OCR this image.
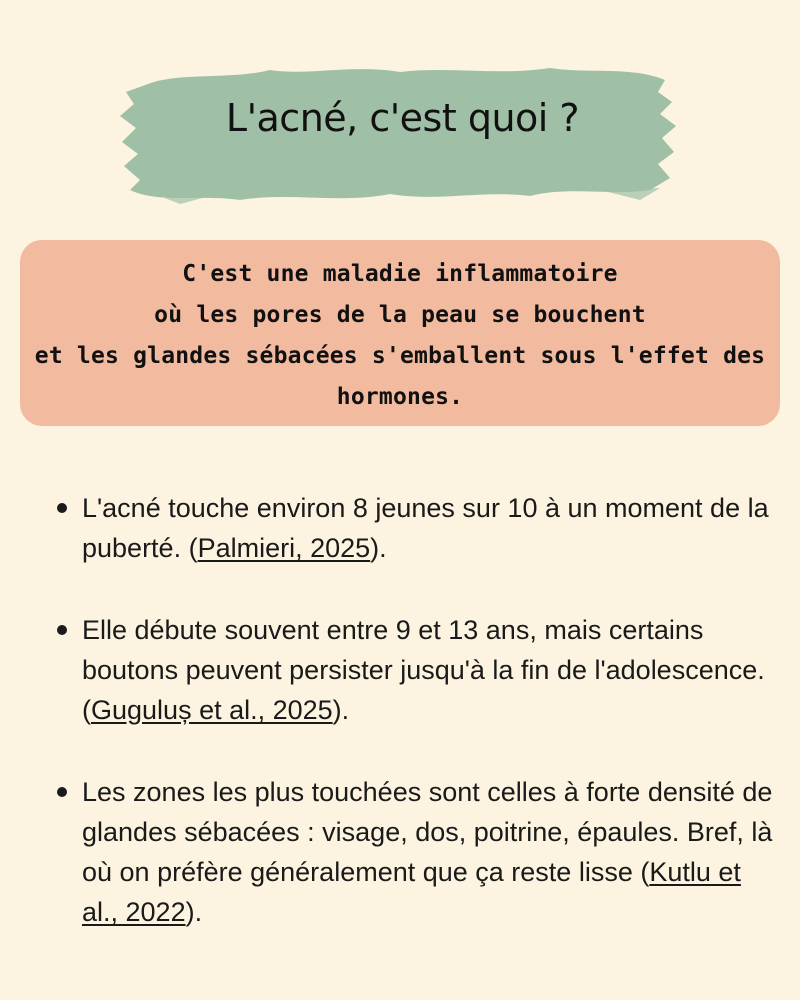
L'acné, c'est quoi ?
C'est une maladie inflammatoire
où les pores de la peau se bouchent
et les glandes sébacées s'emballent sous l'effet des
hormones.
L'acné touche environ 8 jeunes sur 10 à un moment de la puberté. (Palmieri, 2025).
Elle débute souvent entre 9 et 13 ans, mais certains boutons peuvent persister jusqu'à la fin de l'adolescence. (Guguluș et al., 2025).
Les zones les plus touchées sont celles à forte densité de glandes sébacées : visage, dos, poitrine, épaules. Bref, là où on préfère généralement que ça reste lisse (Kutlu et al., 2022).
